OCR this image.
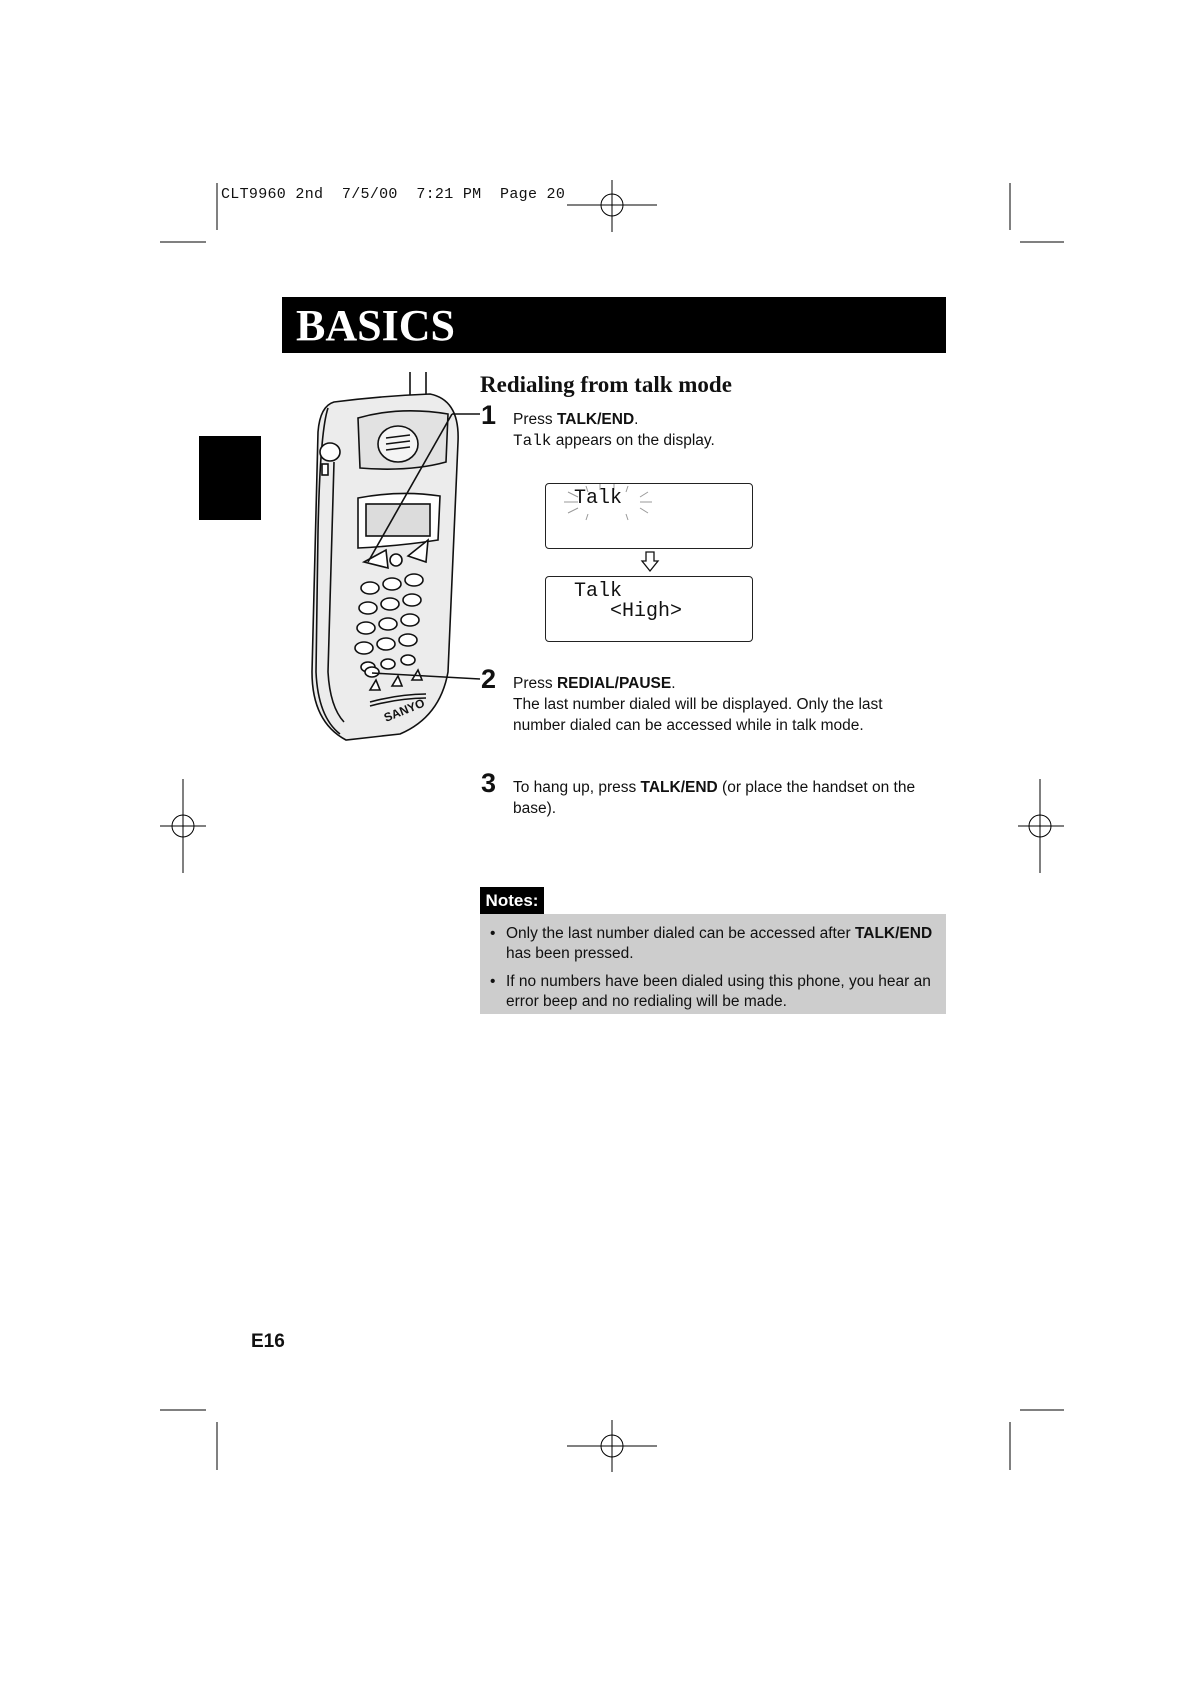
CLT9960 2nd  7/5/00  7:21 PM  Page 20
BASICS
SANYO
Redialing from talk mode
1 Press TALK/END.
Talk appears on the display.
Talk
Talk
<High>
2 Press REDIAL/PAUSE.
The last number dialed will be displayed. Only the last
number dialed can be accessed while in talk mode.
3 To hang up, press TALK/END (or place the handset on the
base).
Notes:
• Only the last number dialed can be accessed after TALK/END
has been pressed.
• If no numbers have been dialed using this phone, you hear an
error beep and no redialing will be made.
E16
